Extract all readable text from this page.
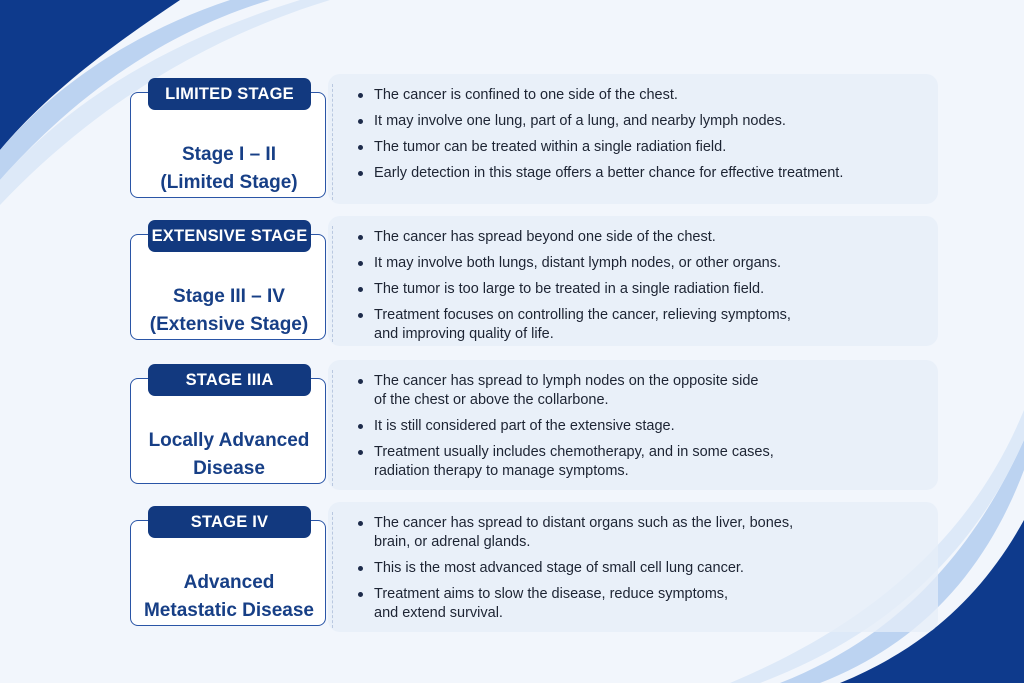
Stage I – II
(Limited Stage)
LIMITED STAGE	The cancer is confined to one side of the chest.
It may involve one lung, part of a lung, and nearby lymph nodes.
The tumor can be treated within a single radiation field.
Early detection in this stage offers a better chance for effective treatment.
Stage III – IV
(Extensive Stage)
EXTENSIVE STAGE	The cancer has spread beyond one side of the chest.
It may involve both lungs, distant lymph nodes, or other organs.
The tumor is too large to be treated in a single radiation field.
Treatment focuses on controlling the cancer, relieving symptoms,
and improving quality of life.
Locally Advanced
Disease
STAGE IIIA	The cancer has spread to lymph nodes on the opposite side
of the chest or above the collarbone.
It is still considered part of the extensive stage.
Treatment usually includes chemotherapy, and in some cases,
radiation therapy to manage symptoms.
Advanced
Metastatic Disease
STAGE IV	The cancer has spread to distant organs such as the liver, bones,
brain, or adrenal glands.
This is the most advanced stage of small cell lung cancer.
Treatment aims to slow the disease, reduce symptoms,
and extend survival.
